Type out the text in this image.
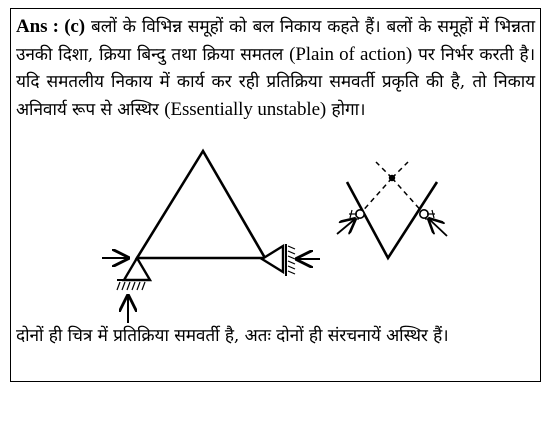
Ans : (c) बलों के विभिन्न समूहों को बल निकाय कहते हैं। बलों के समूहों में भिन्नता उनकी दिशा, क्रिया बिन्दु तथा क्रिया समतल (Plain of action) पर निर्भर करती है। यदि समतलीय निकाय में कार्य कर रही प्रतिक्रिया समवर्ती प्रकृति की है, तो निकाय अनिवार्य रूप से अस्थिर (Essentially unstable) होगा।

दोनों ही चित्र में प्रतिक्रिया समवर्ती है, अतः दोनों ही संरचनायें अस्थिर हैं।
